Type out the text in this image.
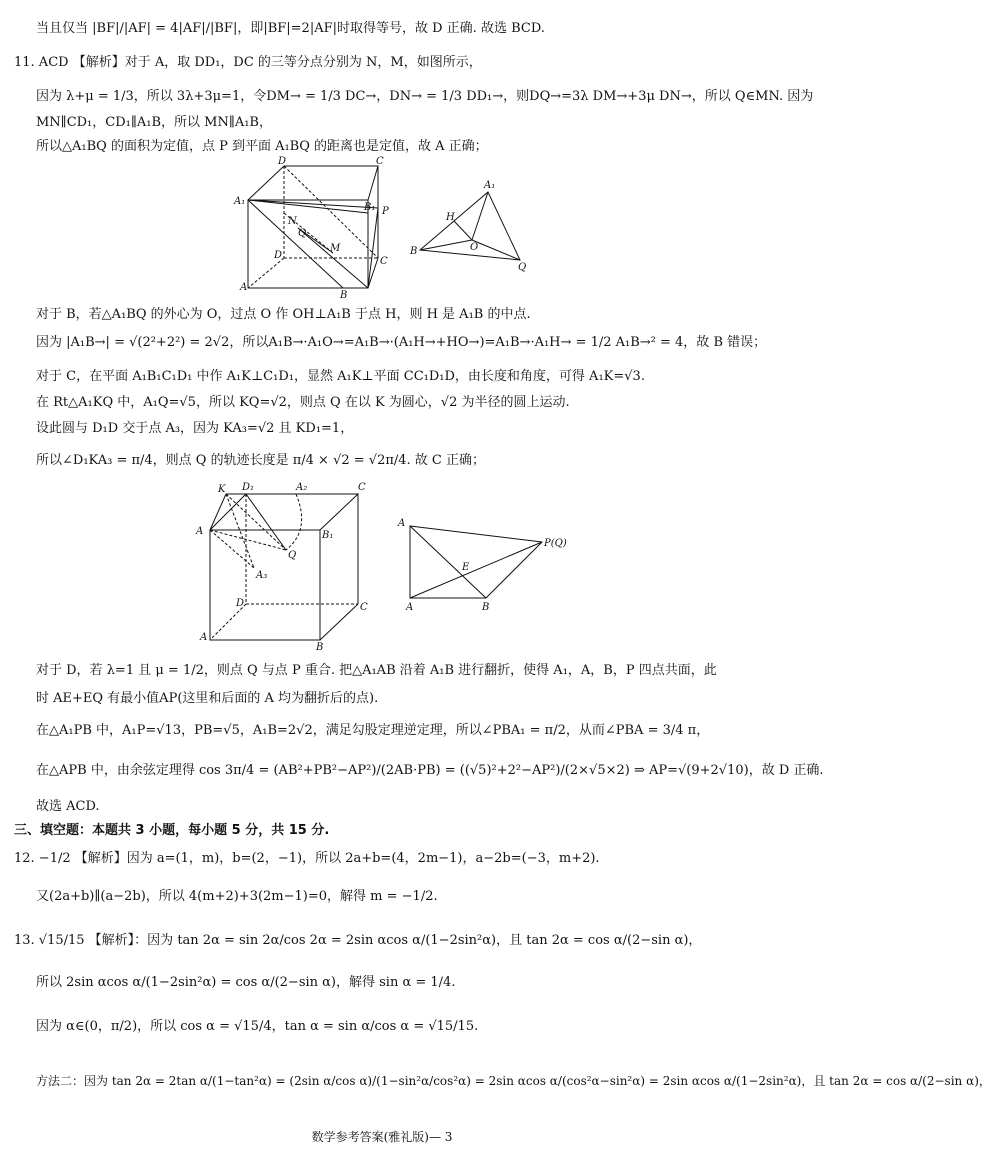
当且仅当 |BF|/|AF| = 4|AF|/|BF|，即|BF|=2|AF|时取得等号，故 D 正确. 故选 BCD.
11. ACD 【解析】对于 A，取 DD₁，DC 的三等分点分别为 N，M，如图所示，
因为 λ+μ = 1/3，所以 3λ+3μ=1，令DM→ = 1/3 DC→，DN→ = 1/3 DD₁→，则DQ→=3λ DM→+3μ DN→，所以 Q∈MN. 因为
MN∥CD₁，CD₁∥A₁B，所以 MN∥A₁B，
所以△A₁BQ 的面积为定值，点 P 到平面 A₁BQ 的距离也是定值，故 A 正确；
D	C
A₁
B₁ P
N
Q
M
D
C
A
B
A₁
H
O
B
Q
对于 B，若△A₁BQ 的外心为 O，过点 O 作 OH⊥A₁B 于点 H，则 H 是 A₁B 的中点.
因为 |A₁B→| = √(2²+2²) = 2√2，所以A₁B→·A₁O→=A₁B→·(A₁H→+HO→)=A₁B→·A₁H→ = 1/2 A₁B→² = 4，故 B 错误；
对于 C，在平面 A₁B₁C₁D₁ 中作 A₁K⊥C₁D₁，显然 A₁K⊥平面 CC₁D₁D，由长度和角度，可得 A₁K=√3.
在 Rt△A₁KQ 中，A₁Q=√5，所以 KQ=√2，则点 Q 在以 K 为圆心，√2 为半径的圆上运动.
设此圆与 D₁D 交于点 A₃，因为 KA₃=√2 且 KD₁=1，
所以∠D₁KA₃ = π/4，则点 Q 的轨迹长度是 π/4 × √2 = √2π/4. 故 C 正确；
K D₁	A₂	C
A
Q
B₁
A₃
D	C
A
B
A
P(Q)
E
A	B
对于 D，若 λ=1 且 μ = 1/2，则点 Q 与点 P 重合. 把△A₁AB 沿着 A₁B 进行翻折，使得 A₁，A，B，P 四点共面，此
时 AE+EQ 有最小值AP(这里和后面的 A 均为翻折后的点).
在△A₁PB 中，A₁P=√13，PB=√5，A₁B=2√2，满足勾股定理逆定理，所以∠PBA₁ = π/2，从而∠PBA = 3/4 π，
在△APB 中，由余弦定理得 cos 3π/4 = (AB²+PB²−AP²)/(2AB·PB) = ((√5)²+2²−AP²)/(2×√5×2) ⇒ AP=√(9+2√10)，故 D 正确.
故选 ACD.
三、填空题：本题共 3 小题，每小题 5 分，共 15 分.
12. −1/2 【解析】因为 a=(1，m)，b=(2，−1)，所以 2a+b=(4，2m−1)，a−2b=(−3，m+2).
又(2a+b)∥(a−2b)，所以 4(m+2)+3(2m−1)=0，解得 m = −1/2.
13. √15/15 【解析】：因为 tan 2α = sin 2α/cos 2α = 2sin αcos α/(1−2sin²α)，且 tan 2α = cos α/(2−sin α)，
所以 2sin αcos α/(1−2sin²α) = cos α/(2−sin α)，解得 sin α = 1/4.
因为 α∈(0，π/2)，所以 cos α = √15/4，tan α = sin α/cos α = √15/15.
方法二：因为 tan 2α = 2tan α/(1−tan²α) = (2sin α/cos α)/(1−sin²α/cos²α) = 2sin αcos α/(cos²α−sin²α) = 2sin αcos α/(1−2sin²α)，且 tan 2α = cos α/(2−sin α)，
数学参考答案(雅礼版)— 3
